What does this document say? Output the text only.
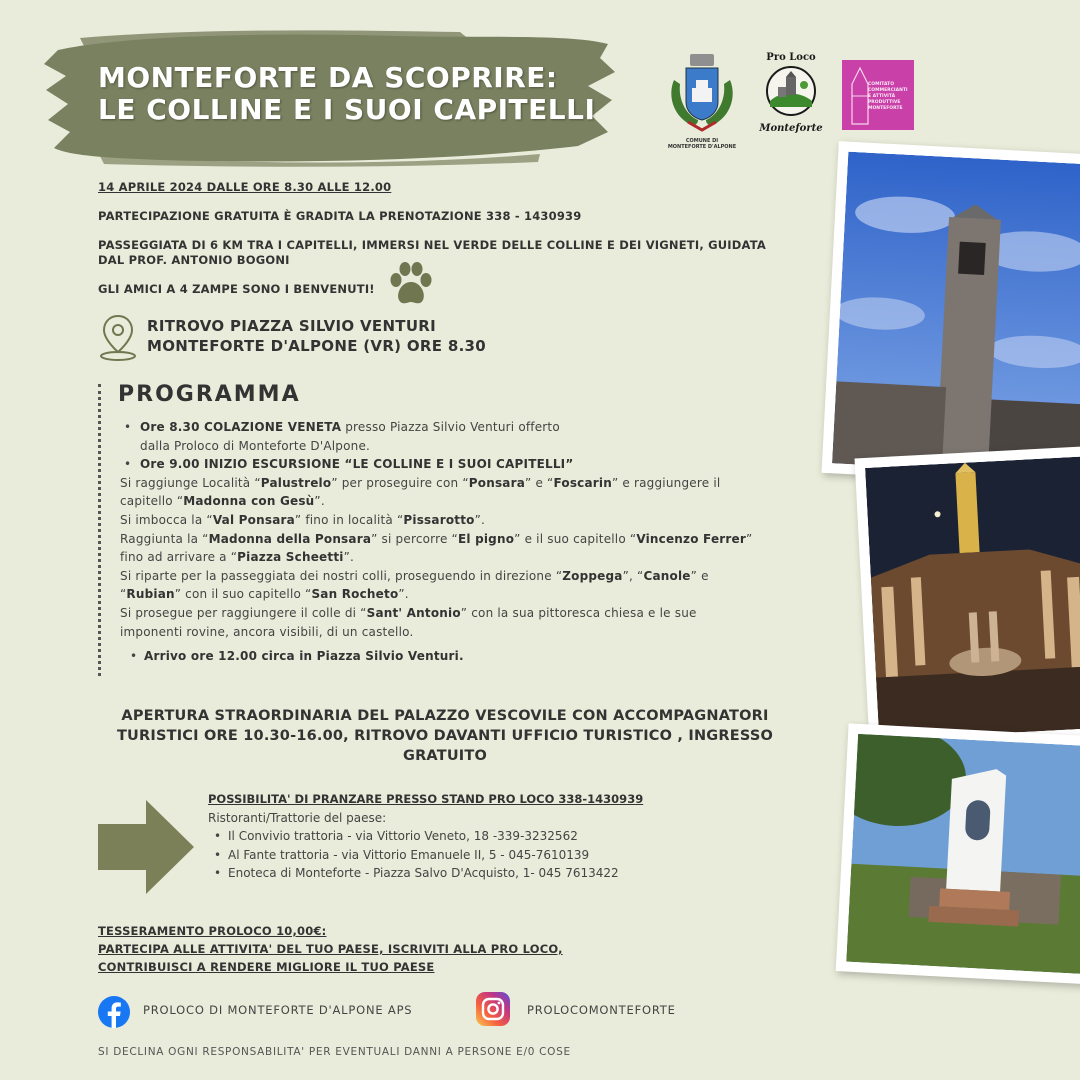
MONTEFORTE DA SCOPRIRE:
LE COLLINE E I SUOI CAPITELLI
COMUNE DI
MONTEFORTE D'ALPONE
Pro Loco
Monteforte
COMITATO
COMMERCIANTI
E ATTIVITÀ
PRODUTTIVE
MONTEFORTE
14 APRILE 2024 DALLE ORE 8.30 ALLE 12.00
PARTECIPAZIONE GRATUITA È GRADITA LA PRENOTAZIONE 338 - 1430939
PASSEGGIATA DI 6 KM TRA I CAPITELLI, IMMERSI NEL VERDE DELLE COLLINE E DEI VIGNETI, GUIDATA
DAL PROF. ANTONIO BOGONI
GLI AMICI A 4 ZAMPE SONO I BENVENUTI!
RITROVO PIAZZA SILVIO VENTURI
MONTEFORTE D'ALPONE (VR) ORE 8.30
PROGRAMMA
• Ore 8.30 COLAZIONE VENETA presso Piazza Silvio Venturi offerto
dalla Proloco di Monteforte D'Alpone.
• Ore 9.00 INIZIO ESCURSIONE “LE COLLINE E I SUOI CAPITELLI”
Si raggiunge Località “Palustrelo” per proseguire con “Ponsara” e “Foscarin” e raggiungere il
capitello “Madonna con Gesù”.
Si imbocca la “Val Ponsara” fino in località “Pissarotto”.
Raggiunta la “Madonna della Ponsara” si percorre “El pigno” e il suo capitello “Vincenzo Ferrer”
fino ad arrivare a “Piazza Scheetti”.
Si riparte per la passeggiata dei nostri colli, proseguendo in direzione “Zoppega”, “Canole” e
“Rubian” con il suo capitello “San Rocheto”.
Si prosegue per raggiungere il colle di “Sant' Antonio” con la sua pittoresca chiesa e le sue
imponenti rovine, ancora visibili, di un castello.
• Arrivo ore 12.00 circa in Piazza Silvio Venturi.
APERTURA STRAORDINARIA DEL PALAZZO VESCOVILE CON ACCOMPAGNATORI
TURISTICI ORE 10.30-16.00, RITROVO DAVANTI UFFICIO TURISTICO , INGRESSO
GRATUITO
POSSIBILITA' DI PRANZARE PRESSO STAND PRO LOCO 338-1430939
Ristoranti/Trattorie del paese:
• Il Convivio trattoria - via Vittorio Veneto, 18 -339-3232562
• Al Fante trattoria - via Vittorio Emanuele II, 5 - 045-7610139
• Enoteca di Monteforte - Piazza Salvo D'Acquisto, 1- 045 7613422
TESSERAMENTO PROLOCO 10,00€:
PARTECIPA ALLE ATTIVITA' DEL TUO PAESE, ISCRIVITI ALLA PRO LOCO,
CONTRIBUISCI A RENDERE MIGLIORE IL TUO PAESE
PROLOCO DI MONTEFORTE D'ALPONE APS	PROLOCOMONTEFORTE
SI DECLINA OGNI RESPONSABILITA' PER EVENTUALI DANNI A PERSONE E/0 COSE
